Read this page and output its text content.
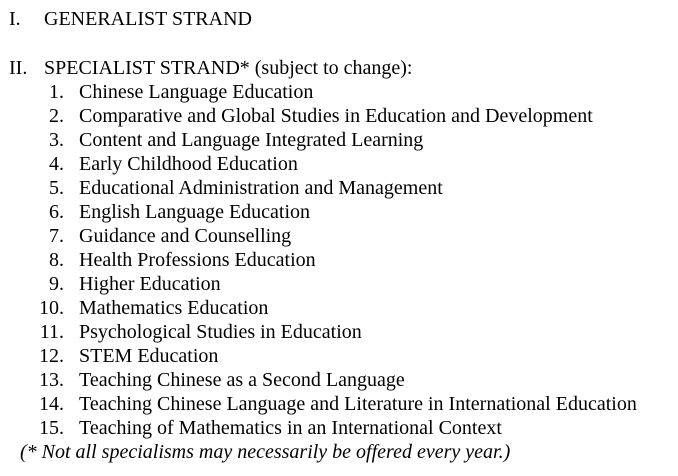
I. GENERALIST STRAND
II. SPECIALIST STRAND* (subject to change):
1. Chinese Language Education
2. Comparative and Global Studies in Education and Development
3. Content and Language Integrated Learning
4. Early Childhood Education
5. Educational Administration and Management
6. English Language Education
7. Guidance and Counselling
8. Health Professions Education
9. Higher Education
10. Mathematics Education
11. Psychological Studies in Education
12. STEM Education
13. Teaching Chinese as a Second Language
14. Teaching Chinese Language and Literature in International Education
15. Teaching of Mathematics in an International Context
(* Not all specialisms may necessarily be offered every year.)
